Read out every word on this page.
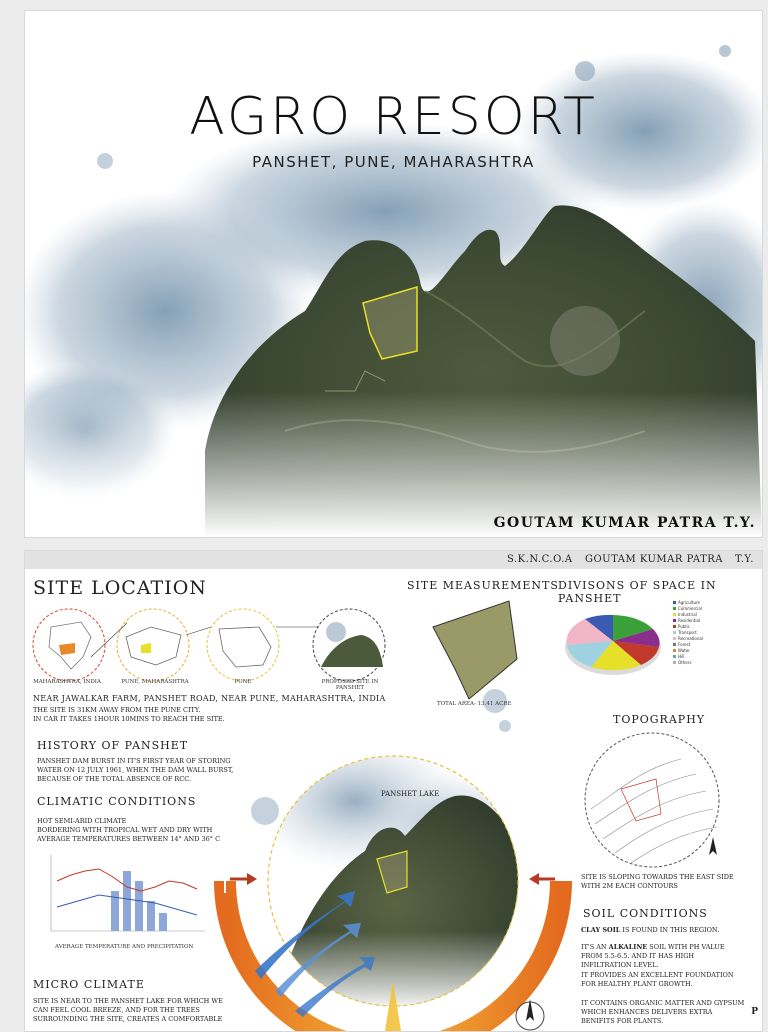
AGRO RESORT
PANSHET, PUNE, MAHARASHTRA
GOUTAM KUMAR PATRA T.Y.
S.K.N.C.O.A GOUTAM KUMAR PATRA T.Y.
SITE LOCATION
MAHARASHTRA, INDIA	PUNE, MAHARASHTRA	PUNE	PROPOSED SITE IN PANSHET
NEAR JAWALKAR FARM, PANSHET ROAD, NEAR PUNE, MAHARASHTRA, INDIA
THE SITE IS 31KM AWAY FROM THE PUNE CITY.
IN CAR IT TAKES 1HOUR 10MINS TO REACH THE SITE.
SITE MEASUREMENTS
TOTAL AREA- 13.41 ACRE
DIVISONS OF SPACE IN PANSHET	Agriculture
Commercial
Industrial
Residential
Public
Transport
Recreational
Forest
Water
Hill
Others
TOPOGRAPHY
SITE IS SLOPING TOWARDS THE EAST SIDE WITH 2M EACH CONTOURS
HISTORY OF PANSHET
PANSHET DAM BURST IN IT'S FIRST YEAR OF STORING WATER ON 12 JULY 1961, WHEN THE DAM WALL BURST, BECAUSE OF THE TOTAL ABSENCE OF RCC.
CLIMATIC CONDITIONS
HOT SEMI-ARID CLIMATE
BORDERING WITH TROPICAL WET AND DRY WITH AVERAGE TEMPERATURES BETWEEN 14° AND 36° C
AVERAGE TEMPERATURE AND PRECIPITATION
PANSHET LAKE
MICRO CLIMATE
SITE IS NEAR TO THE PANSHET LAKE FOR WHICH WE CAN FEEL COOL BREEZE, AND FOR THE TREES SURROUNDING THE SITE, CREATES A COMFORTABLE
SOIL CONDITIONS
CLAY SOIL IS FOUND IN THIS REGION.
IT'S AN ALKALINE SOIL WITH PH VALUE FROM 5.5-6.5. AND IT HAS HIGH INFILTRATION LEVEL.
IT PROVIDES AN EXCELLENT FOUNDATION FOR HEALTHY PLANT GROWTH.
IT CONTAINS ORGANIC MATTER AND GYPSUM WHICH ENHANCES DELIVERS EXTRA BENIFITS FOR PLANTS.
P
